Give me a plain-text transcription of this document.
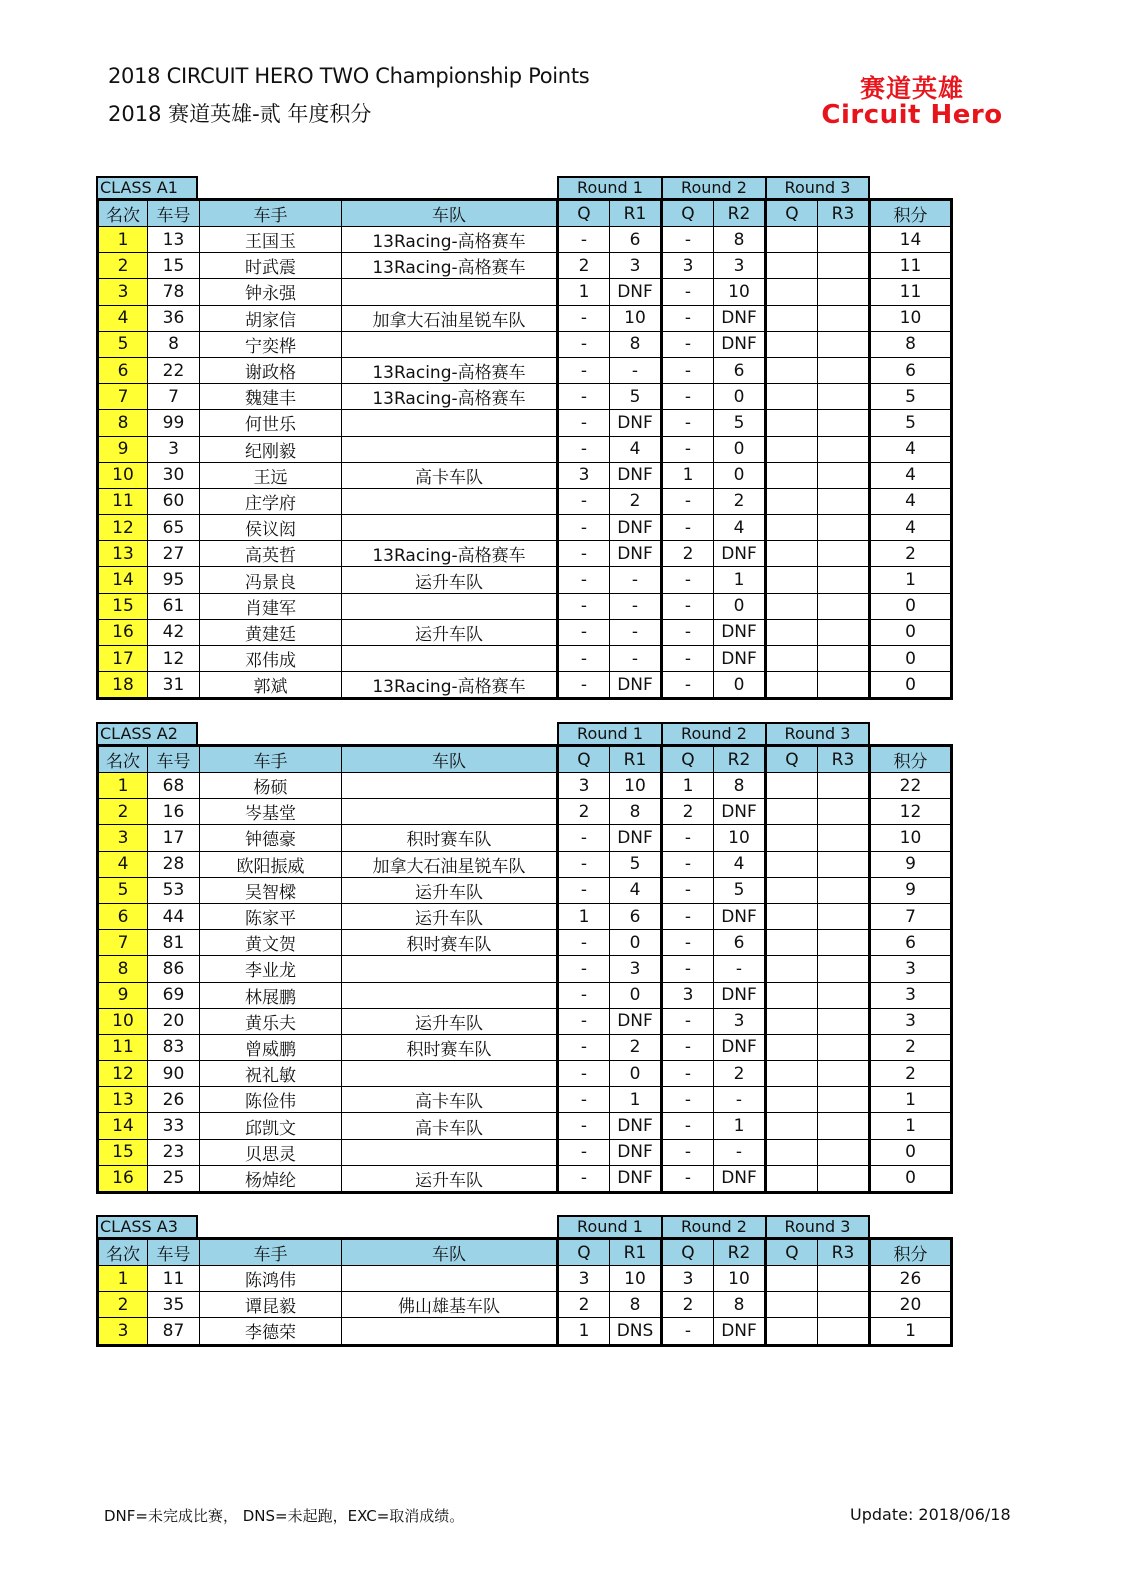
2018 CIRCUIT HERO TWO Championship Points
2018 赛道英雄-贰 年度积分
赛道英雄
Circuit Hero
CLASS A1	Round 1	Round 2	Round 3
名次	车号	车手	车队	Q	R1	Q	R2	Q	R3	积分
1	13	王国玉	13Racing-高格赛车	-	6	-	8			14
2	15	时武震	13Racing-高格赛车	2	3	3	3			11
3	78	钟永强		1	DNF	-	10			11
4	36	胡家信	加拿大石油星锐车队	-	10	-	DNF			10
5	8	宁奕桦		-	8	-	DNF			8
6	22	谢政格	13Racing-高格赛车	-	-	-	6			6
7	7	魏建丰	13Racing-高格赛车	-	5	-	0			5
8	99	何世乐		-	DNF	-	5			5
9	3	纪刚毅		-	4	-	0			4
10	30	王远	高卡车队	3	DNF	1	0			4
11	60	庄学府		-	2	-	2			4
12	65	侯议闳		-	DNF	-	4			4
13	27	高英哲	13Racing-高格赛车	-	DNF	2	DNF			2
14	95	冯景良	运升车队	-	-	-	1			1
15	61	肖建军		-	-	-	0			0
16	42	黄建廷	运升车队	-	-	-	DNF			0
17	12	邓伟成		-	-	-	DNF			0
18	31	郭斌	13Racing-高格赛车	-	DNF	-	0			0
CLASS A2	Round 1	Round 2	Round 3
名次	车号	车手	车队	Q	R1	Q	R2	Q	R3	积分
1	68	杨硕		3	10	1	8			22
2	16	岑基堂		2	8	2	DNF			12
3	17	钟德豪	积时赛车队	-	DNF	-	10			10
4	28	欧阳振威	加拿大石油星锐车队	-	5	-	4			9
5	53	吴智樑	运升车队	-	4	-	5			9
6	44	陈家平	运升车队	1	6	-	DNF			7
7	81	黄文贺	积时赛车队	-	0	-	6			6
8	86	李业龙		-	3	-	-			3
9	69	林展鹏		-	0	3	DNF			3
10	20	黄乐夫	运升车队	-	DNF	-	3			3
11	83	曾威鹏	积时赛车队	-	2	-	DNF			2
12	90	祝礼敏		-	0	-	2			2
13	26	陈俭伟	高卡车队	-	1	-	-			1
14	33	邱凯文	高卡车队	-	DNF	-	1			1
15	23	贝思灵		-	DNF	-	-			0
16	25	杨焯纶	运升车队	-	DNF	-	DNF			0
CLASS A3	Round 1	Round 2	Round 3
名次	车号	车手	车队	Q	R1	Q	R2	Q	R3	积分
1	11	陈鸿伟		3	10	3	10			26
2	35	谭昆毅	佛山雄基车队	2	8	2	8			20
3	87	李德荣		1	DNS	-	DNF			1
DNF=未完成比赛， DNS=未起跑，EXC=取消成绩。	Update: 2018/06/18
